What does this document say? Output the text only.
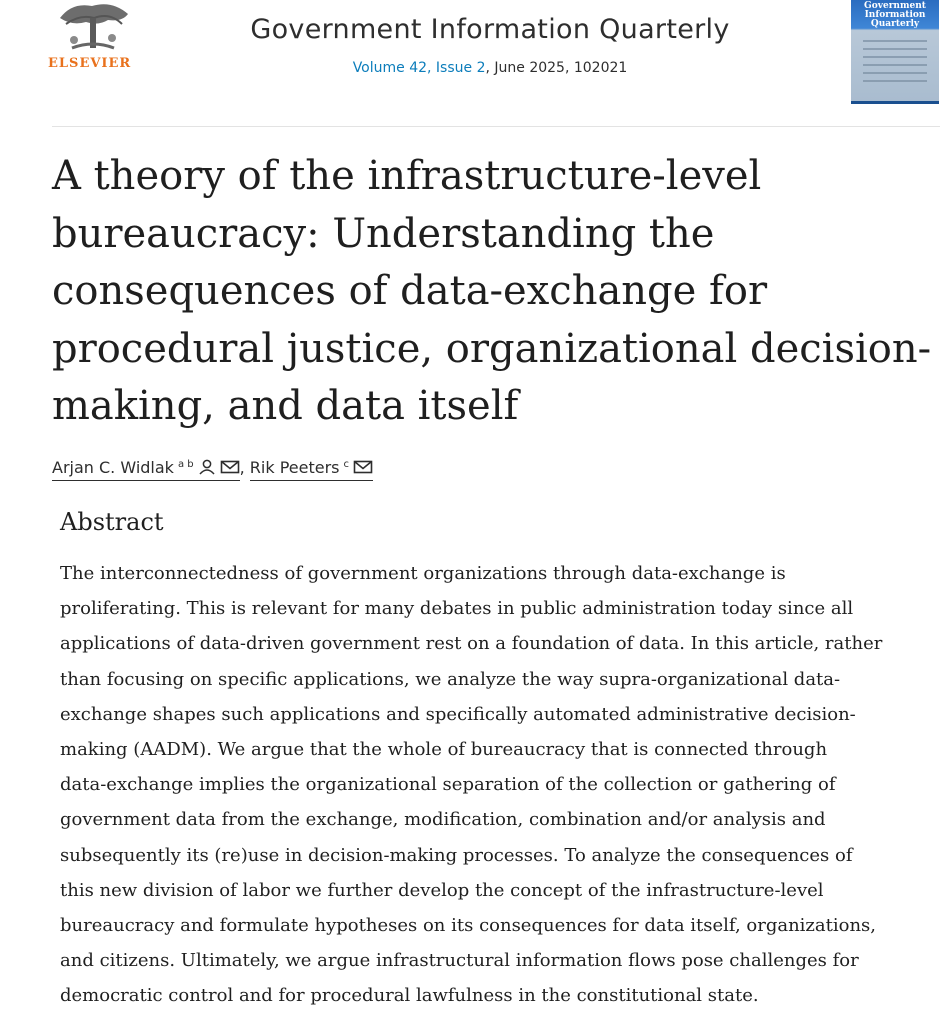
ELSEVIER
Government Information Quarterly
Volume 42, Issue 2, June 2025, 102021
Government Information Quarterly
A theory of the infrastructure-level
bureaucracy: Understanding the
consequences of data-exchange for
procedural justice, organizational decision-
making, and data itself
Arjan C. Widlak $^{a b}$	, Rik Peeters $^c$
Abstract

The interconnectedness of government organizations through data-exchange is
proliferating. This is relevant for many debates in public administration today since all
applications of data-driven government rest on a foundation of data. In this article, rather
than focusing on specific applications, we analyze the way supra-organizational data-
exchange shapes such applications and specifically automated administrative decision-
making (AADM). We argue that the whole of bureaucracy that is connected through
data-exchange implies the organizational separation of the collection or gathering of
government data from the exchange, modification, combination and/or analysis and
subsequently its (re)use in decision-making processes. To analyze the consequences of
this new division of labor we further develop the concept of the infrastructure-level
bureaucracy and formulate hypotheses on its consequences for data itself, organizations,
and citizens. Ultimately, we argue infrastructural information flows pose challenges for
democratic control and for procedural lawfulness in the constitutional state.
